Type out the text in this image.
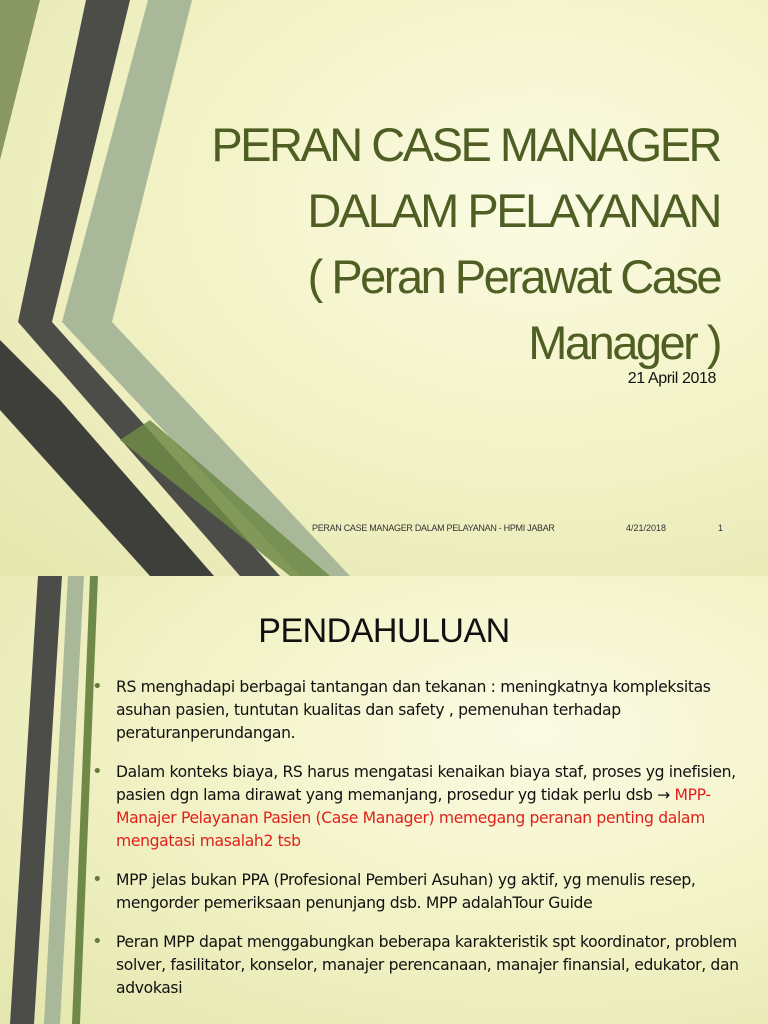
PERAN CASE MANAGER
DALAM PELAYANAN
( Peran Perawat Case
Manager )
21 April 2018
PERAN CASE MANAGER DALAM PELAYANAN - HPMI JABAR	4/21/2018	1
PENDAHULUAN
• RS menghadapi berbagai tantangan dan tekanan : meningkatnya kompleksitas asuhan pasien, tuntutan kualitas dan safety , pemenuhan terhadap peraturanperundangan.
• Dalam konteks biaya, RS harus mengatasi kenaikan biaya staf, proses yg inefisien, pasien dgn lama dirawat yang memanjang, prosedur yg tidak perlu dsb → MPP-Manajer Pelayanan Pasien (Case Manager) memegang peranan penting dalam mengatasi masalah2 tsb
• MPP jelas bukan PPA (Profesional Pemberi Asuhan) yg aktif, yg menulis resep, mengorder pemeriksaan penunjang dsb. MPP adalahTour Guide
• Peran MPP dapat menggabungkan beberapa karakteristik spt koordinator, problem solver, fasilitator, konselor, manajer perencanaan, manajer finansial, edukator, dan advokasi
